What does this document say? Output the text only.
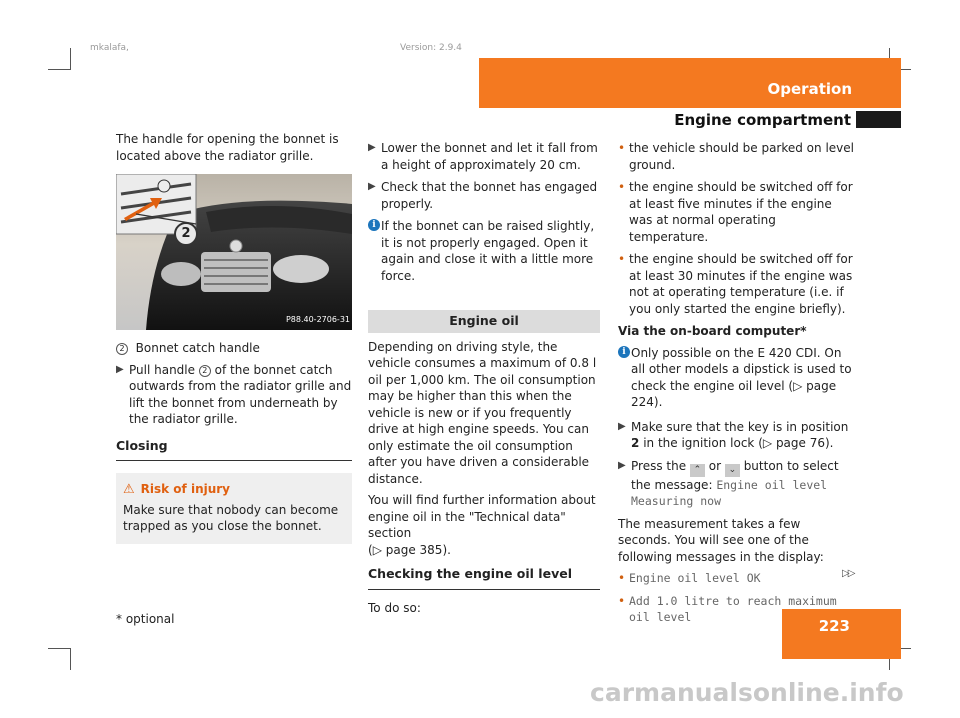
mkalafa,	Version: 2.9.4
Operation
Engine compartment

The handle for opening the bonnet is located above the radiator grille.

2
P88.40-2706-31

2 Bonnet catch handle

▶ Pull handle 2 of the bonnet catch outwards from the radiator grille and lift the bonnet from underneath by the radiator grille.
Closing
⚠ Risk of injury
Make sure that nobody can become trapped as you close the bonnet.
▶ Lower the bonnet and let it fall from a height of approximately 20 cm.
▶ Check that the bonnet has engaged properly.
i If the bonnet can be raised slightly, it is not properly engaged. Open it again and close it with a little more force.
Engine oil

Depending on driving style, the vehicle consumes a maximum of 0.8 l oil per 1,000 km. The oil consumption may be higher than this when the vehicle is new or if you frequently drive at high engine speeds. You can only estimate the oil consumption after you have driven a considerable distance.

You will find further information about engine oil in the "Technical data" section
(▷ page 385).

Checking the engine oil level

To do so:

• the vehicle should be parked on level ground.
• the engine should be switched off for at least five minutes if the engine was at normal operating temperature.
• the engine should be switched off for at least 30 minutes if the engine was not at operating temperature (i.e. if you only started the engine briefly).

Via the on-board computer*

i Only possible on the E 420 CDI. On all other models a dipstick is used to check the engine oil level (▷ page 224).
▶ Make sure that the key is in position 2 in the ignition lock (▷ page 76).
▶ Press the ⌃ or ⌄ button to select the message: Engine oil level Measuring now

The measurement takes a few seconds. You will see one of the following messages in the display:

• Engine oil level OK
• Add 1.0 litre to reach maximum oil level
▷▷
* optional	223
carmanualsonline.info
